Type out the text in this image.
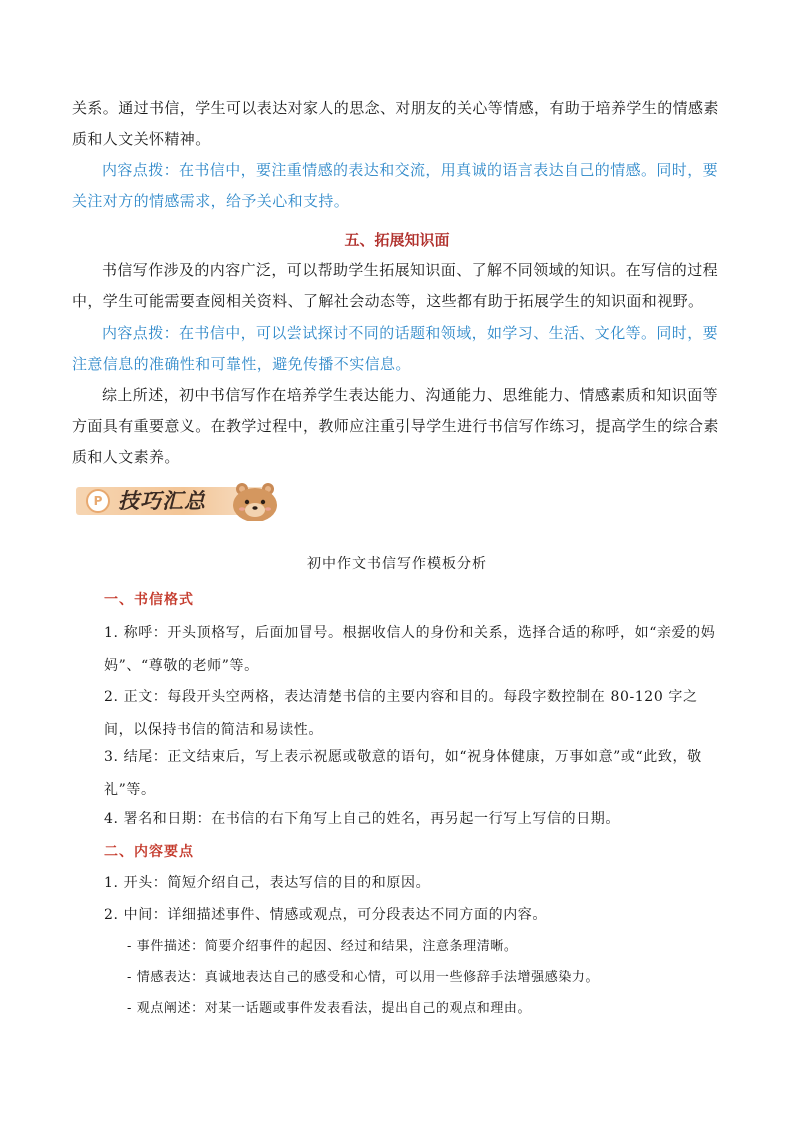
关系。通过书信，学生可以表达对家人的思念、对朋友的关心等情感，有助于培养学生的情感素质和人文关怀精神。

内容点拨：在书信中，要注重情感的表达和交流，用真诚的语言表达自己的情感。同时，要关注对方的情感需求，给予关心和支持。

五、拓展知识面

书信写作涉及的内容广泛，可以帮助学生拓展知识面、了解不同领域的知识。在写信的过程中，学生可能需要查阅相关资料、了解社会动态等，这些都有助于拓展学生的知识面和视野。

内容点拨：在书信中，可以尝试探讨不同的话题和领域，如学习、生活、文化等。同时，要注意信息的准确性和可靠性，避免传播不实信息。

综上所述，初中书信写作在培养学生表达能力、沟通能力、思维能力、情感素质和知识面等方面具有重要意义。在教学过程中，教师应注重引导学生进行书信写作练习，提高学生的综合素质和人文素养。

P 技巧汇总
初中作文书信写作模板分析
一、书信格式

1. 称呼：开头顶格写，后面加冒号。根据收信人的身份和关系，选择合适的称呼，如“亲爱的妈妈”、“尊敬的老师”等。

2. 正文：每段开头空两格，表达清楚书信的主要内容和目的。每段字数控制在 80-120 字之间，以保持书信的简洁和易读性。

3. 结尾：正文结束后，写上表示祝愿或敬意的语句，如“祝身体健康，万事如意”或“此致，敬礼”等。

4. 署名和日期：在书信的右下角写上自己的姓名，再另起一行写上写信的日期。

二、内容要点

1. 开头：简短介绍自己，表达写信的目的和原因。

2. 中间：详细描述事件、情感或观点，可分段表达不同方面的内容。

- 事件描述：简要介绍事件的起因、经过和结果，注意条理清晰。

- 情感表达：真诚地表达自己的感受和心情，可以用一些修辞手法增强感染力。

- 观点阐述：对某一话题或事件发表看法，提出自己的观点和理由。
